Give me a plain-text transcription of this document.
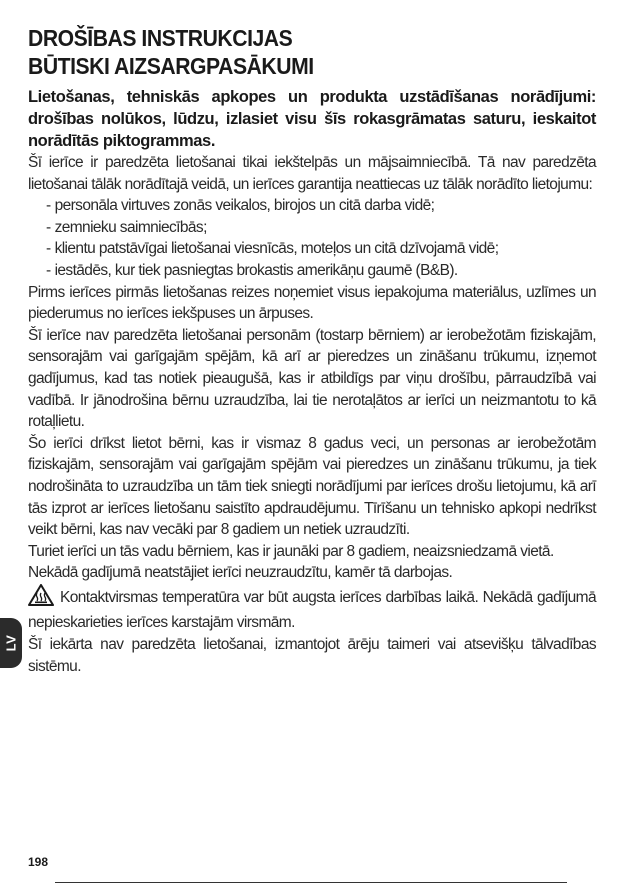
DROŠĪBAS INSTRUKCIJAS
BŪTISKI AIZSARGPASĀKUMI

Lietošanas, tehniskās apkopes un produkta uzstādīšanas norādījumi: drošības nolūkos, lūdzu, izlasiet visu šīs rokasgrāmatas saturu, ieskaitot norādītās piktogrammas.

Šī ierīce ir paredzēta lietošanai tikai iekštelpās un mājsaimniecībā. Tā nav paredzēta lietošanai tālāk norādītajā veidā, un ierīces garantija neattiecas uz tālāk norādīto lietojumu:

- personāla virtuves zonās veikalos, birojos un citā darba vidē;
- zemnieku saimniecībās;
- klientu patstāvīgai lietošanai viesnīcās, moteļos un citā dzīvojamā vidē;
- iestādēs, kur tiek pasniegtas brokastis amerikāņu gaumē (B&B).

Pirms ierīces pirmās lietošanas reizes noņemiet visus iepakojuma materiālus, uzlīmes un piederumus no ierīces iekšpuses un ārpuses.

Šī ierīce nav paredzēta lietošanai personām (tostarp bērniem) ar ierobežotām fiziskajām, sensorajām vai garīgajām spējām, kā arī ar pieredzes un zināšanu trūkumu, izņemot gadījumus, kad tas notiek pieaugušā, kas ir atbildīgs par viņu drošību, pārraudzībā vai vadībā. Ir jānodrošina bērnu uzraudzība, lai tie nerotaļātos ar ierīci un neizmantotu to kā rotaļlietu.

Šo ierīci drīkst lietot bērni, kas ir vismaz 8 gadus veci, un personas ar ierobežotām fiziskajām, sensorajām vai garīgajām spējām vai pieredzes un zināšanu trūkumu, ja tiek nodrošināta to uzraudzība un tām tiek sniegti norādījumi par ierīces drošu lietojumu, kā arī tās izprot ar ierīces lietošanu saistīto apdraudējumu. Tīrīšanu un tehnisko apkopi nedrīkst veikt bērni, kas nav vecāki par 8 gadiem un netiek uzraudzīti.

Turiet ierīci un tās vadu bērniem, kas ir jaunāki par 8 gadiem, neaizsniedzamā vietā.

Nekādā gadījumā neatstājiet ierīci neuzraudzītu, kamēr tā darbojas.

Kontaktvirsmas temperatūra var būt augsta ierīces darbības laikā. Nekādā gadījumā nepieskarieties ierīces karstajām virsmām.

Šī iekārta nav paredzēta lietošanai, izmantojot ārēju taimeri vai atsevišķu tālvadības sistēmu.

LV
198
